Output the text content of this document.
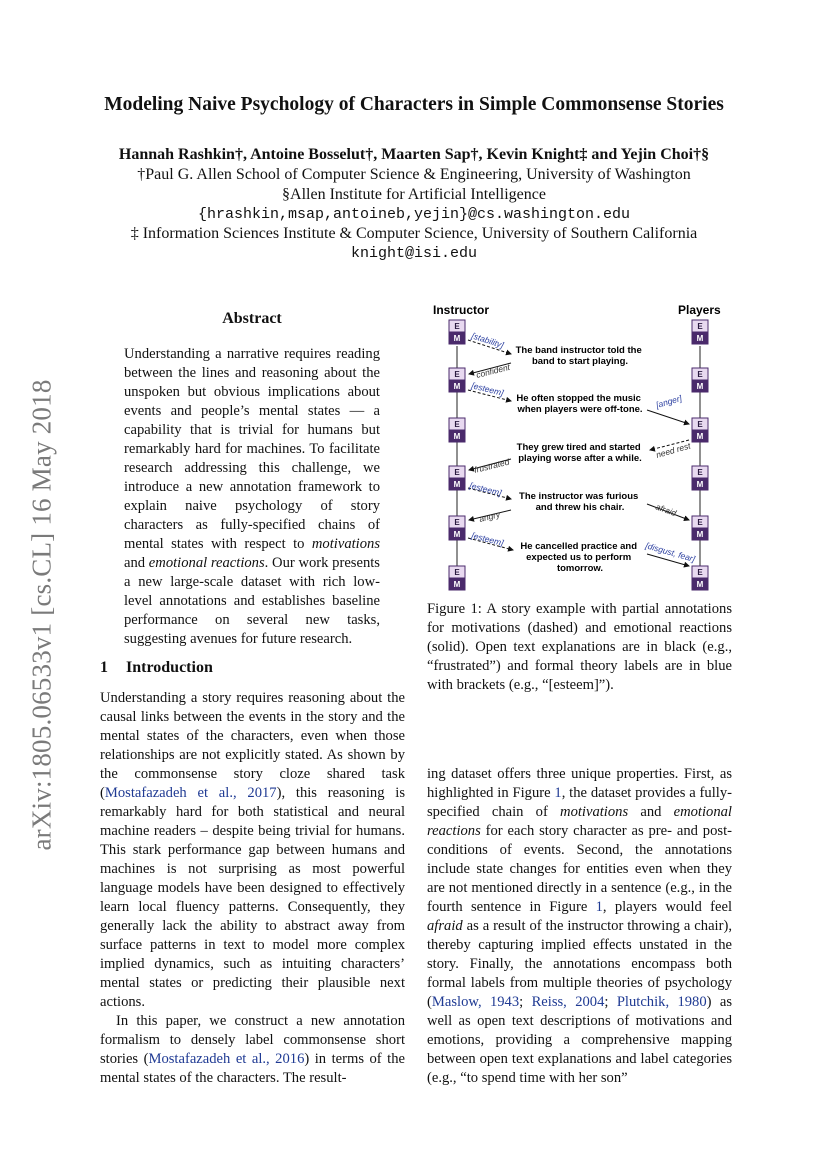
arXiv:1805.06533v1 [cs.CL] 16 May 2018
Modeling Naive Psychology of Characters in Simple Commonsense Stories
Hannah Rashkin†, Antoine Bosselut†, Maarten Sap†, Kevin Knight‡ and Yejin Choi†§
†Paul G. Allen School of Computer Science & Engineering, University of Washington
§Allen Institute for Artificial Intelligence
{hrashkin,msap,antoineb,yejin}@cs.washington.edu
‡ Information Sciences Institute & Computer Science, University of Southern California
knight@isi.edu
Abstract

Understanding a narrative requires reading between the lines and reasoning about the unspoken but obvious implications about events and people’s mental states — a capability that is trivial for humans but remarkably hard for machines. To facilitate research addressing this challenge, we introduce a new annotation framework to explain naive psychology of story characters as fully-specified chains of mental states with respect to motivations and emotional reactions. Our work presents a new large-scale dataset with rich low-level annotations and establishes baseline performance on several new tasks, suggesting avenues for future research.

1 Introduction

Understanding a story requires reasoning about the causal links between the events in the story and the mental states of the characters, even when those relationships are not explicitly stated. As shown by the commonsense story cloze shared task (Mostafazadeh et al., 2017), this reasoning is remarkably hard for both statistical and neural machine readers – despite being trivial for humans. This stark performance gap between humans and machines is not surprising as most powerful language models have been designed to effectively learn local fluency patterns. Consequently, they generally lack the ability to abstract away from surface patterns in text to model more complex implied dynamics, such as intuiting characters’ mental states or predicting their plausible next actions.

In this paper, we construct a new annotation formalism to densely label commonsense short stories (Mostafazadeh et al., 2016) in terms of the mental states of the characters. The result-

ing dataset offers three unique properties. First, as highlighted in Figure 1, the dataset provides a fully-specified chain of motivations and emotional reactions for each story character as pre- and post-conditions of events. Second, the annotations include state changes for entities even when they are not mentioned directly in a sentence (e.g., in the fourth sentence in Figure 1, players would feel afraid as a result of the instructor throwing a chair), thereby capturing implied effects unstated in the story. Finally, the annotations encompass both formal labels from multiple theories of psychology (Maslow, 1943; Reiss, 2004; Plutchik, 1980) as well as open text descriptions of motivations and emotions, providing a comprehensive mapping between open text explanations and label categories (e.g., “to spend time with her son”

Instructor	Players
E
M
E
M
E
M
E
M
E
M
E
M
E
M
E
M
E
M
E
M
E
M
E
M
The band instructor told the band to start playing.
He often stopped the music when players were off-tone.
They grew tired and started playing worse after a while.
The instructor was furious and threw his chair.
He cancelled practice and expected us to perform tomorrow.
[stability]
confident
[esteem]
[anger]
need rest
frustrated
[esteem]
angry	afraid
[esteem]
[disgust, fear]
Figure 1: A story example with partial annotations for motivations (dashed) and emotional reactions (solid). Open text explanations are in black (e.g., “frustrated”) and formal theory labels are in blue with brackets (e.g., “[esteem]”).
